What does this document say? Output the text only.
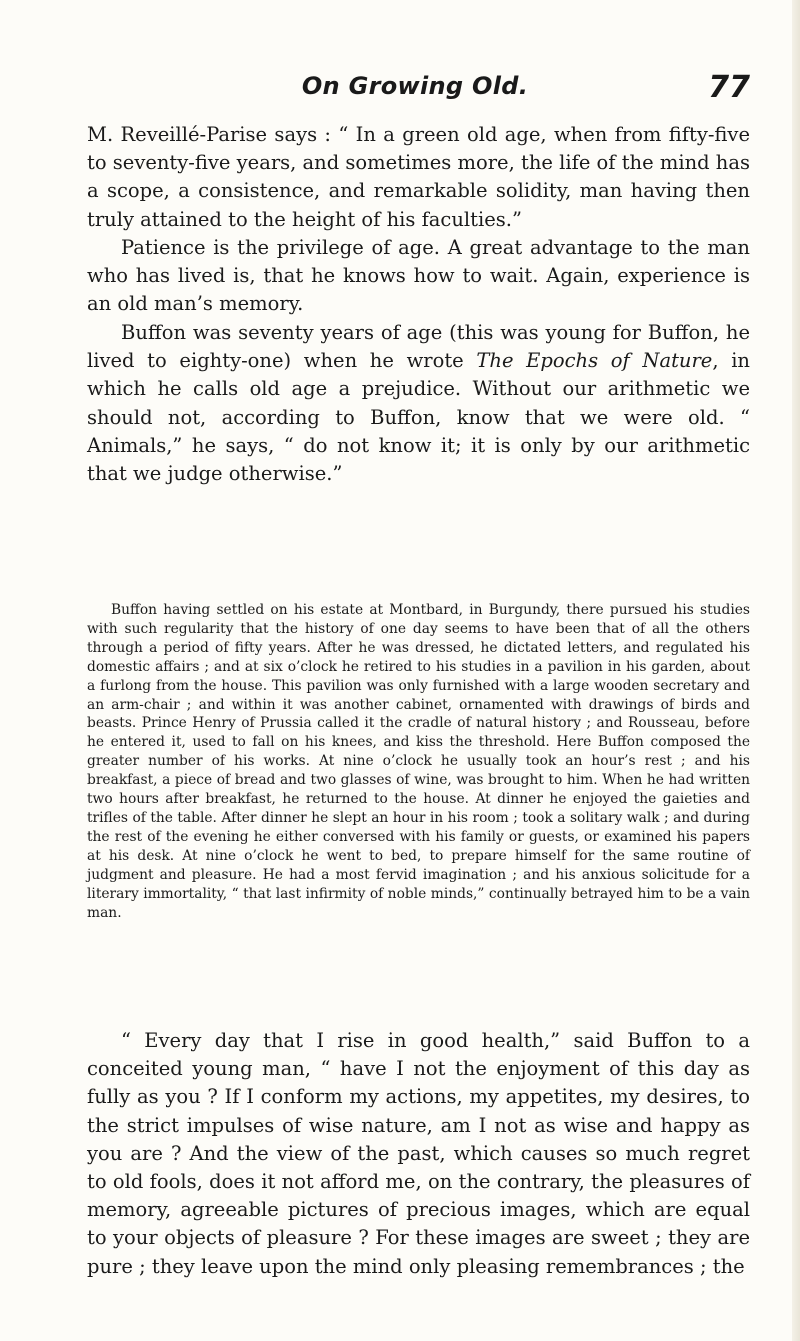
On Growing Old.	77

M. Reveillé-Parise says : “ In a green old age, when from fifty-five to seventy-five years, and sometimes more, the life of the mind has a scope, a consistence, and remarkable solidity, man having then truly attained to the height of his faculties.”

Patience is the privilege of age. A great advantage to the man who has lived is, that he knows how to wait. Again, experience is an old man’s memory.

Buffon was seventy years of age (this was young for Buffon, he lived to eighty-one) when he wrote The Epochs of Nature, in which he calls old age a prejudice. Without our arithmetic we should not, according to Buffon, know that we were old. “ Animals,” he says, “ do not know it; it is only by our arithmetic that we judge otherwise.”

Buffon having settled on his estate at Montbard, in Burgundy, there pursued his studies with such regularity that the history of one day seems to have been that of all the others through a period of fifty years. After he was dressed, he dictated letters, and regulated his domestic affairs ; and at six o’clock he retired to his studies in a pavilion in his garden, about a furlong from the house. This pavilion was only furnished with a large wooden secretary and an arm-chair ; and within it was another cabinet, ornamented with drawings of birds and beasts. Prince Henry of Prussia called it the cradle of natural history ; and Rousseau, before he entered it, used to fall on his knees, and kiss the threshold. Here Buffon composed the greater number of his works. At nine o’clock he usually took an hour’s rest ; and his breakfast, a piece of bread and two glasses of wine, was brought to him. When he had written two hours after breakfast, he returned to the house. At dinner he enjoyed the gaieties and trifles of the table. After dinner he slept an hour in his room ; took a solitary walk ; and during the rest of the evening he either conversed with his family or guests, or examined his papers at his desk. At nine o’clock he went to bed, to prepare himself for the same routine of judgment and pleasure. He had a most fervid imagination ; and his anxious solicitude for a literary immortality, “ that last infirmity of noble minds,” continually betrayed him to be a vain man.

“ Every day that I rise in good health,” said Buffon to a conceited young man, “ have I not the enjoyment of this day as fully as you ? If I conform my actions, my appetites, my desires, to the strict impulses of wise nature, am I not as wise and happy as you are ? And the view of the past, which causes so much regret to old fools, does it not afford me, on the contrary, the pleasures of memory, agreeable pictures of precious images, which are equal to your objects of pleasure ? For these images are sweet ; they are pure ; they leave upon the mind only pleasing remembrances ; the
